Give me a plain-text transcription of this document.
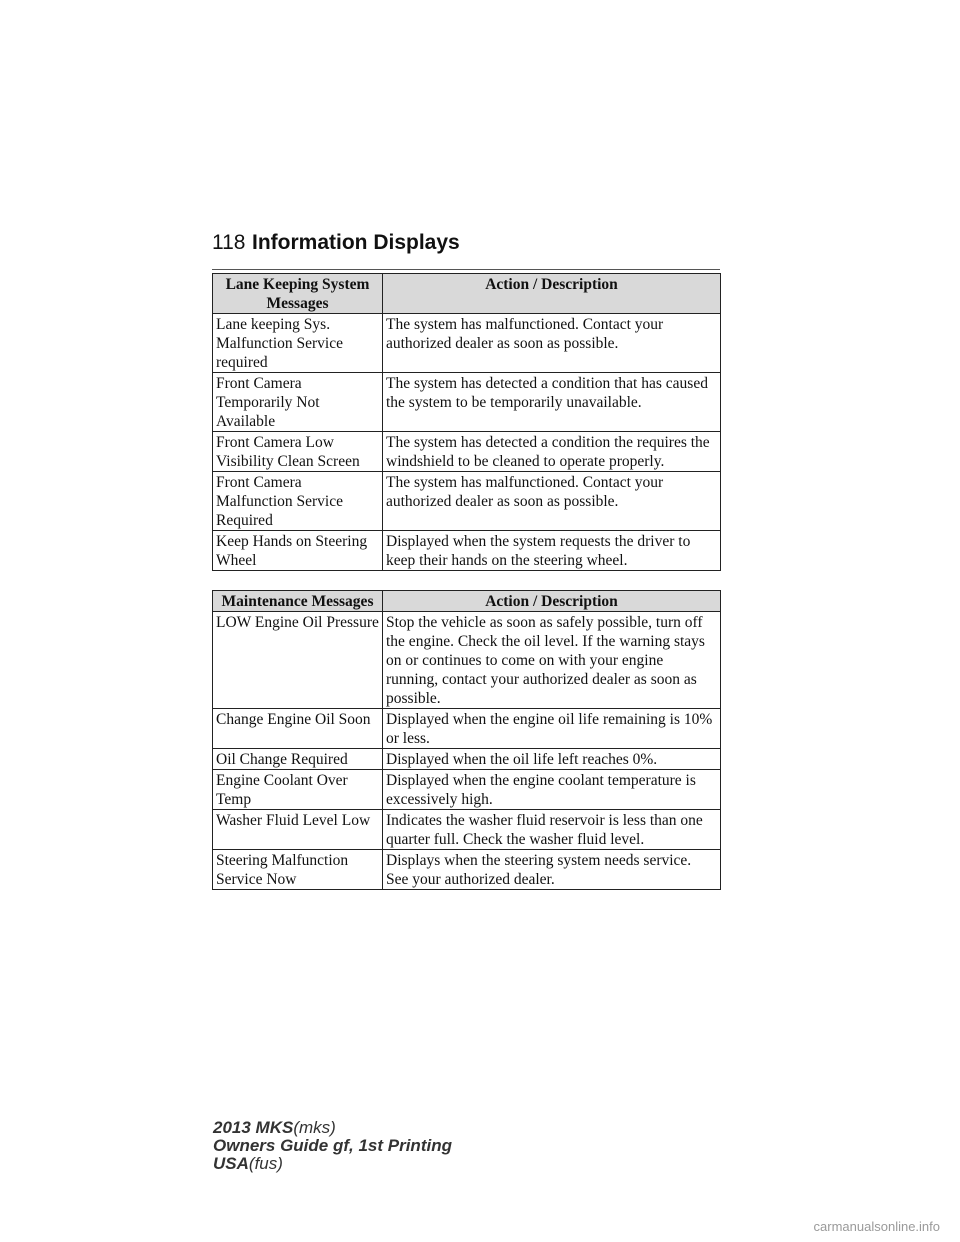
118 Information Displays
Lane Keeping System Messages	Action / Description
Lane keeping Sys. Malfunction Service required	The system has malfunctioned. Contact your authorized dealer as soon as possible.
Front Camera Temporarily Not Available	The system has detected a condition that has caused the system to be temporarily unavailable.
Front Camera Low Visibility Clean Screen	The system has detected a condition the requires the windshield to be cleaned to operate properly.
Front Camera Malfunction Service Required	The system has malfunctioned. Contact your authorized dealer as soon as possible.
Keep Hands on Steering Wheel	Displayed when the system requests the driver to keep their hands on the steering wheel.
Maintenance Messages	Action / Description
LOW Engine Oil Pressure	Stop the vehicle as soon as safely possible, turn off the engine. Check the oil level. If the warning stays on or continues to come on with your engine running, contact your authorized dealer as soon as possible.
Change Engine Oil Soon	Displayed when the engine oil life remaining is 10% or less.
Oil Change Required	Displayed when the oil life left reaches 0%.
Engine Coolant Over Temp	Displayed when the engine coolant temperature is excessively high.
Washer Fluid Level Low	Indicates the washer fluid reservoir is less than one quarter full. Check the washer fluid level.
Steering Malfunction Service Now	Displays when the steering system needs service. See your authorized dealer.
2013 MKS(mks)
Owners Guide gf, 1st Printing
USA(fus)
carmanualsonline.info
